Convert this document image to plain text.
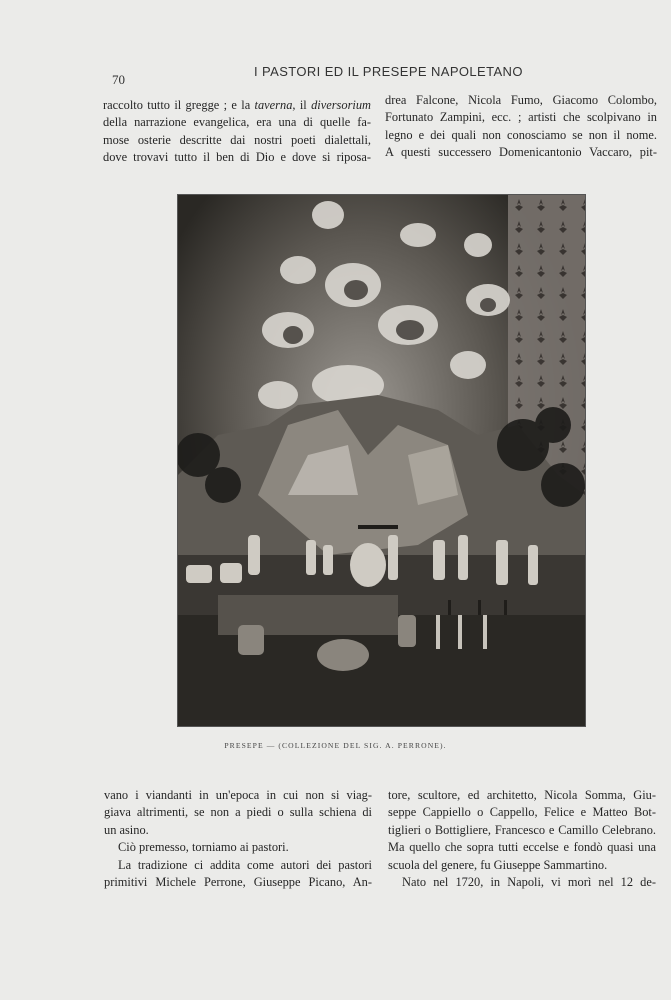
70
I PASTORI ED IL PRESEPE NAPOLETANO
raccolto tutto il gregge ; e la taverna, il diversorium
della narrazione evangelica, era una di quelle fa-
mose osterie descritte dai nostri poeti dialettali,
dove trovavi tutto il ben di Dio e dove si riposa-
drea Falcone, Nicola Fumo, Giacomo Colombo,
Fortunato Zampini, ecc. ; artisti che scolpivano in
legno e dei quali non conosciamo se non il nome.
A questi successero Domenicantonio Vaccaro, pit-
PRESEPE — (COLLEZIONE DEL SIG. A. PERRONE).
vano i viandanti in un'epoca in cui non si viag-
giava altrimenti, se non a piedi o sulla schiena di
un asino.
Ciò premesso, torniamo ai pastori.
La tradizione ci addita come autori dei pastori
primitivi Michele Perrone, Giuseppe Picano, An-
tore, scultore, ed architetto, Nicola Somma, Giu-
seppe Cappiello o Cappello, Felice e Matteo Bot-
tiglieri o Bottigliere, Francesco e Camillo Celebrano.
Ma quello che sopra tutti eccelse e fondò quasi una
scuola del genere, fu Giuseppe Sammartino.
Nato nel 1720, in Napoli, vi morì nel 12 de-
